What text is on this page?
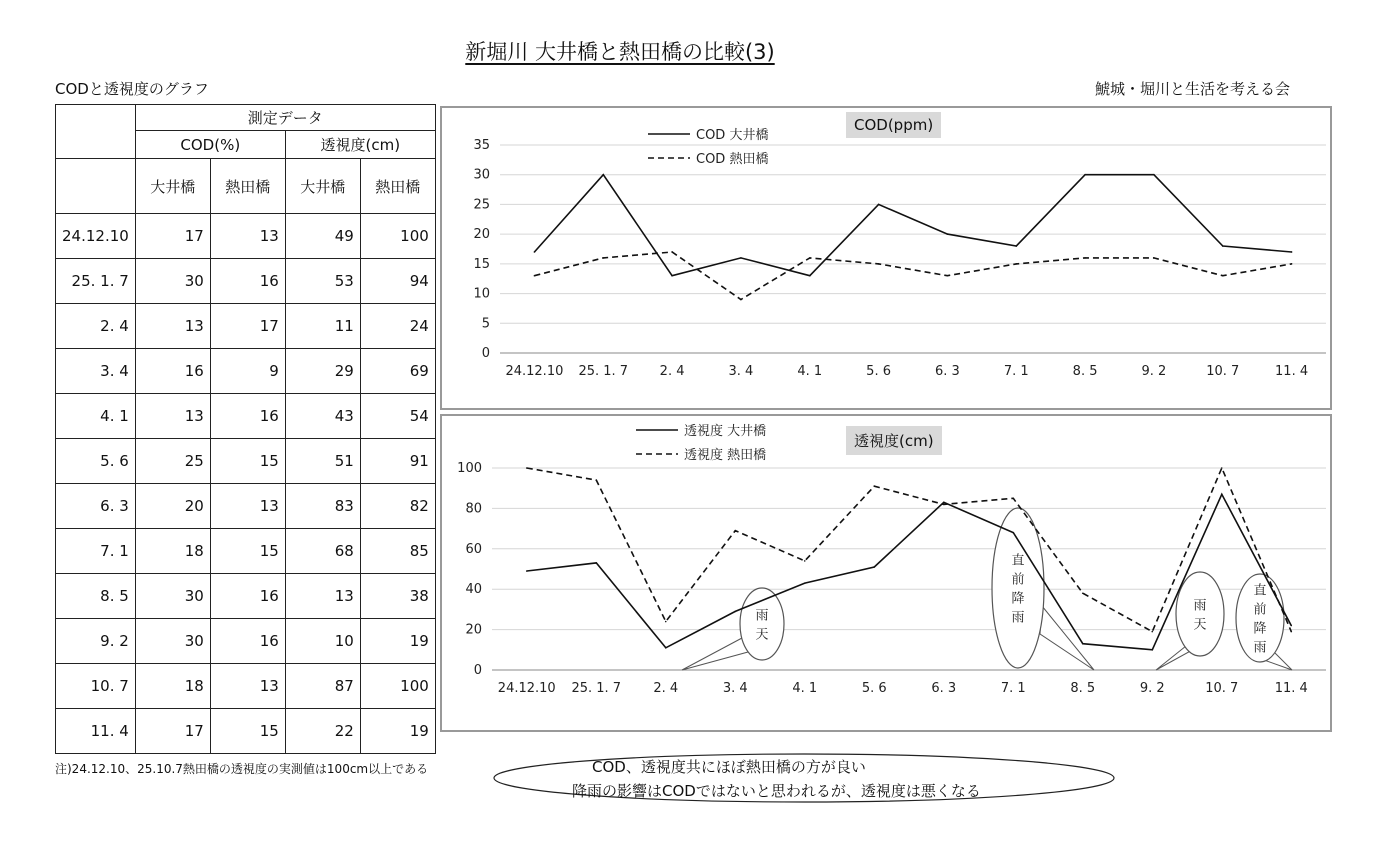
新堀川 大井橋と熱田橋の比較(3)
CODと透視度のグラフ	鯱城・堀川と生活を考える会
	測定データ			
	COD(%)		透視度(cm)	
	大井橋	熱田橋	大井橋	熱田橋
24.12.10	17	13	49	100
25. 1. 7	30	16	53	94
2. 4	13	17	11	24
3. 4	16	9	29	69
4. 1	13	16	43	54
5. 6	25	15	51	91
6. 3	20	13	83	82
7. 1	18	15	68	85
8. 5	30	16	13	38
9. 2	30	16	10	19
10. 7	18	13	87	100
11. 4	17	15	22	19
注)24.12.10、25.10.7熱田橋の透視度の実測値は100cm以上である
0
5
10
15
20
25
30
35
24.12.10 25. 1. 7 2. 4	3. 4	4. 1	5. 6	6. 3	7. 1	8. 5	9. 2	10. 7	11. 4
COD 大井橋
COD 熱田橋
COD(ppm)
0
20
40
60
80
100
24.12.10 25. 1. 7 2. 4	3. 4	4. 1	5. 6	6. 3	7. 1	8. 5	9. 2	10. 7	11. 4
雨天
直前降雨
雨天
直前降雨
透視度 大井橋
透視度 熱田橋
透視度(cm)
COD、透視度共にほぼ熱田橋の方が良い
降雨の影響はCODではないと思われるが、透視度は悪くなる
